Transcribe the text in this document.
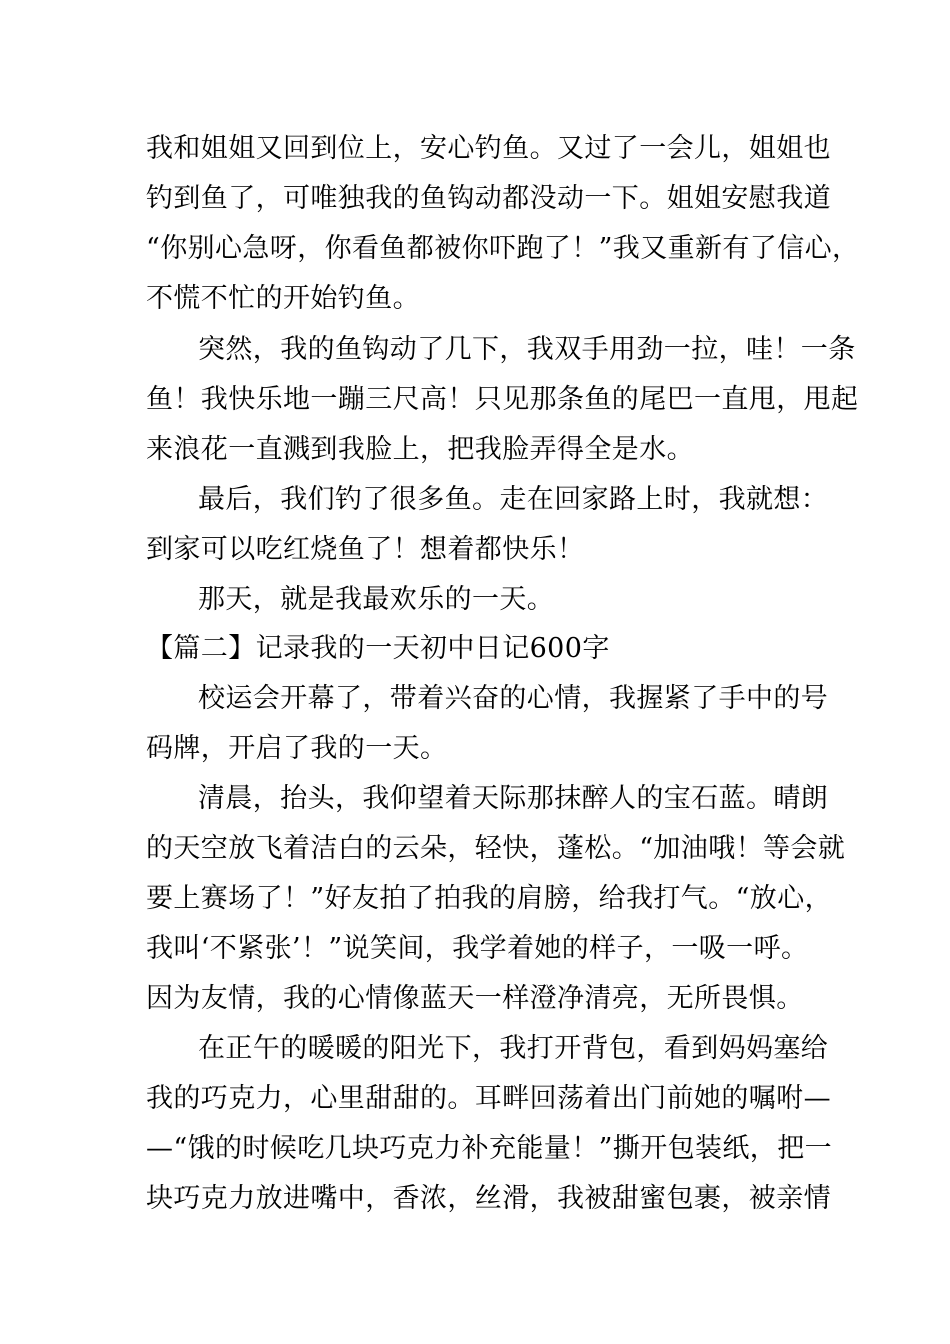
我和姐姐又回到位上，安心钓鱼。又过了一会儿，姐姐也
钓到鱼了，可唯独我的鱼钩动都没动一下。姐姐安慰我道
“你别心急呀，你看鱼都被你吓跑了！”我又重新有了信心，
不慌不忙的开始钓鱼。
突然，我的鱼钩动了几下，我双手用劲一拉，哇！一条
鱼！我快乐地一蹦三尺高！只见那条鱼的尾巴一直甩，甩起
来浪花一直溅到我脸上，把我脸弄得全是水。
最后，我们钓了很多鱼。走在回家路上时，我就想：
到家可以吃红烧鱼了！想着都快乐！
那天，就是我最欢乐的一天。
【篇二】记录我的一天初中日记600字
校运会开幕了，带着兴奋的心情，我握紧了手中的号
码牌，开启了我的一天。
清晨，抬头，我仰望着天际那抹醉人的宝石蓝。晴朗
的天空放飞着洁白的云朵，轻快，蓬松。“加油哦！等会就
要上赛场了！”好友拍了拍我的肩膀，给我打气。“放心，
我叫‘不紧张’！”说笑间，我学着她的样子，一吸一呼。
因为友情，我的心情像蓝天一样澄净清亮，无所畏惧。
在正午的暖暖的阳光下，我打开背包，看到妈妈塞给
我的巧克力，心里甜甜的。耳畔回荡着出门前她的嘱咐—
—“饿的时候吃几块巧克力补充能量！”撕开包装纸，把一
块巧克力放进嘴中，香浓，丝滑，我被甜蜜包裹，被亲情
